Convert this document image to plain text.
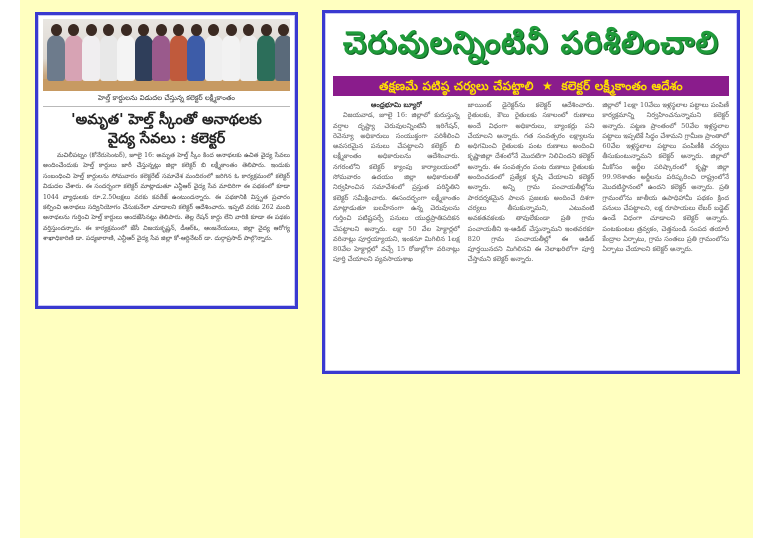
హెల్త్ కార్డులను విడుదల చేస్తున్న కలెక్టర్ లక్ష్మీకాంతం
'అమృత' హెల్త్ స్కీంతో అనాథలకు
వైద్య సేవలు : కలెక్టర్
మచిలీపట్నం (కోనేరుసెంటర్), జూలై 16: అమృత హెల్త్ స్కీం కింద అనాథలకు ఉచిత వైద్య సేవలు అందించేందుకు హెల్త్ కార్డులు జారీ చేస్తున్నట్లు జిల్లా కలెక్టర్ బి లక్ష్మీకాంతం తెలిపారు. ఇందుకు సంబంధించి హెల్త్ కార్డులను సోమవారం కలెక్టరేట్ సమావేశ మందిరంలో జరిగిన ఓ కార్యక్రమంలో కలెక్టర్ విడుదల చేశారు. ఈ సందర్భంగా కలెక్టర్ మాట్లాడుతూ ఎన్టీఆర్ వైద్య సేవ మాదిరిగా ఈ పథకంలో కూడా 1044 వ్యాధులకు రూ.2.50లక్షలు వరకు కవరేజ్ ఉంటుందన్నారు. ఈ పథకానికి విస్తృత ప్రచారం కల్పించి అనాథలు సద్వినియోగం చేసుకునేలా చూడాలని కలెక్టర్ ఆదేశించారు. ఇప్పటి వరకు 262 మంది అనాథలను గుర్తించి హెల్త్ కార్డులు అందజేసినట్లు తెలిపారు. తెల్ల రేషన్ కార్డు లేని వారికి కూడా ఈ పథకం వర్తిస్తుందన్నారు. ఈ కార్యక్రమంలో జేసీ విజయకృష్ణన్, డీఆర్‌ఓ, ఆంజనేయులు, జిల్లా వైద్య ఆరోగ్య శాఖాధికారిణి డా. పద్మజారాణి, ఎన్టీఆర్ వైద్య సేవ జిల్లా కో-ఆర్డినేటర్ డా. దుర్గాప్రసాద్ పాల్గొన్నారు.
చెరువులన్నింటినీ పరిశీలించాలి
తక్షణమే పటిష్ఠ చర్యలు చేపట్టాలి ★ కలెక్టర్ లక్ష్మీకాంతం ఆదేశం
ఆంధ్రభూమి బ్యూరో
విజయవాడ, జూలై 16: జిల్లాలో కురుస్తున్న వర్షాల దృష్ట్యా చెరువులన్నింటినీ ఇరిగేషన్, రెవెన్యూ అధికారులు సంయుక్తంగా పరిశీలించి అవసరమైన పనులు చేపట్టాలని కలెక్టర్ బి లక్ష్మీకాంతం అధికారులను ఆదేశించారు. నగరంలోని కలెక్టర్ క్యాంపు కార్యాలయంలో సోమవారం ఉదయం జిల్లా అధికారులతో నిర్వహించిన సమావేశంలో ప్రస్తుత పరిస్థితిని కలెక్టర్ సమీక్షించారు. ఈసందర్భంగా లక్ష్మీకాంతం మాట్లాడుతూ బలహీనంగా ఉన్న చెరువులను గుర్తించి పటిష్టపర్చే పనులు యుద్ధప్రాతిపదికన చేపట్టాలని అన్నారు. లక్షా 50 వేల హెక్టార్లలో వరినాట్లు పూర్తయ్యాయని, ఇంకనూ మిగిలిన 1లక్ష 80వేల హెక్టార్లలో వచ్చే 15 రోజుల్లోగా వరినాట్లు పూర్తి చేయాలని వ్యవసాయశాఖ
జాయింట్ డైరెక్టర్‌ను కలెక్టర్ ఆదేశించారు. రైతులకు, కౌలు రైతులకు సకాలంలో రుణాలు అందే విధంగా అధికారులు, బ్యాంకర్లు పని చేయాలని అన్నారు. గత సంవత్సరం లక్ష్యాలను అధిగమించి రైతులకు పంట రుణాలు అందించి కృష్ణాజిల్లా దేశంలోనే మొదటిగా నిలిచిందని కలెక్టర్ అన్నారు. ఈ సంవత్సరం పంట రుణాలు రైతులకు అందించడంలో ప్రత్యేక కృషి చేయాలని కలెక్టర్ అన్నారు. అన్ని గ్రామ పంచాయతీల్లోను పారదర్శకమైన పాలన ప్రజలకు అందించే దిశగా చర్యలు తీసుకున్నామని, ఎటువంటి అవకతవకలకు తావులేకుండా ప్రతి గ్రామ పంచాయతీని ఇ-ఆడిట్ చేస్తున్నామని ఇంతవరకూ 820 గ్రామ పంచాయతీల్లో ఈ ఆడిట్ పూర్తయినదని మిగిలినవి ఈ నెలాఖరిలోగా పూర్తి చేస్తామని కలెక్టర్ అన్నారు.
జిల్లాలో 1లక్షా 10వేలు ఇళ్లస్థలాల పట్టాలు పంపిణీ కార్యక్రమాన్ని నిర్వహించనున్నామని కలెక్టర్ అన్నారు. పట్టణ ప్రాంతంలో 50వేల ఇళ్లస్థలాల పట్టాలు ఇప్పటికే సిద్ధం చేశామని గ్రామీణ ప్రాంతాలో 60వేల ఇళ్లస్థలాల పట్టాలు పంపిణీకి చర్యలు తీసుకుంటున్నామని కలెక్టర్ అన్నారు. జిల్లాలో మీకోసం అర్జీల పరిష్కారంలో కృష్ణా జిల్లా 99.98శాతం అర్జీలను పరిష్కరించి రాష్ట్రంలోనే మొదటిస్థానంలో ఉందని కలెక్టర్ అన్నారు. ప్రతి గ్రామంలోను జాతీయ ఉపాధిహామీ పథకం క్రింద పనులు చేపట్టాలని, లక్ష రూపాయలు లేబర్ బడ్జెట్ ఉండే విధంగా చూడాలని కలెక్టర్ అన్నారు. పంటకుంటల త్రవ్వకం, చెత్తనుండి సంపద తయారీ కేంద్రాల ఏర్పాటు, గ్రామ సంతలు ప్రతి గ్రామంలోను ఏర్పాటు చేయాలని కలెక్టర్ అన్నారు.
